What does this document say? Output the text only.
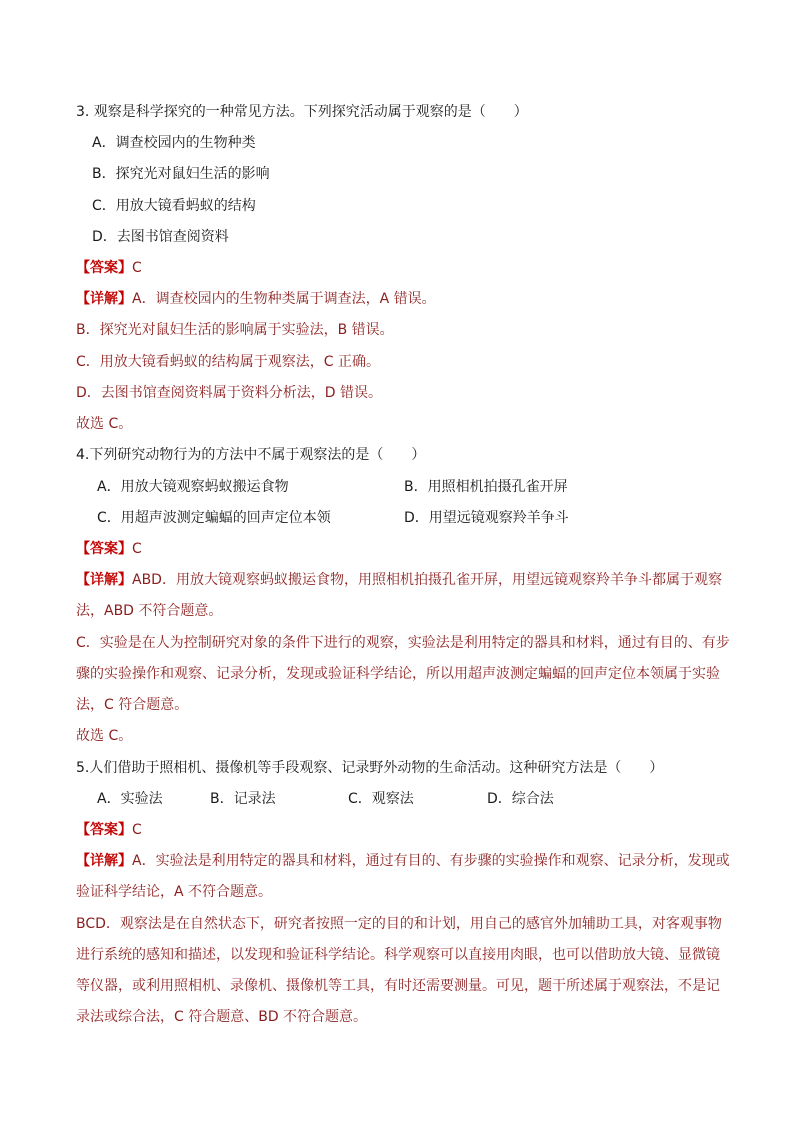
3. 观察是科学探究的一种常见方法。下列探究活动属于观察的是（　　）
A．调查校园内的生物种类
B．探究光对鼠妇生活的影响
C．用放大镜看蚂蚁的结构
D．去图书馆查阅资料
【答案】C
【详解】A．调查校园内的生物种类属于调查法，A 错误。
B．探究光对鼠妇生活的影响属于实验法，B 错误。
C．用放大镜看蚂蚁的结构属于观察法，C 正确。
D．去图书馆查阅资料属于资料分析法，D 错误。
故选 C。
4.下列研究动物行为的方法中不属于观察法的是（　　）
A．用放大镜观察蚂蚁搬运食物	B．用照相机拍摄孔雀开屏
C．用超声波测定蝙蝠的回声定位本领	D．用望远镜观察羚羊争斗
【答案】C
【详解】ABD．用放大镜观察蚂蚁搬运食物，用照相机拍摄孔雀开屏，用望远镜观察羚羊争斗都属于观察
法，ABD 不符合题意。
C．实验是在人为控制研究对象的条件下进行的观察，实验法是利用特定的器具和材料，通过有目的、有步
骤的实验操作和观察、记录分析，发现或验证科学结论，所以用超声波测定蝙蝠的回声定位本领属于实验
法，C 符合题意。
故选 C。
5.人们借助于照相机、摄像机等手段观察、记录野外动物的生命活动。这种研究方法是（　　）
A．实验法	B．记录法	C．观察法	D．综合法
【答案】C
【详解】A．实验法是利用特定的器具和材料，通过有目的、有步骤的实验操作和观察、记录分析，发现或
验证科学结论，A 不符合题意。
BCD．观察法是在自然状态下，研究者按照一定的目的和计划，用自己的感官外加辅助工具，对客观事物
进行系统的感知和描述，以发现和验证科学结论。科学观察可以直接用肉眼，也可以借助放大镜、显微镜
等仪器，或利用照相机、录像机、摄像机等工具，有时还需要测量。可见，题干所述属于观察法，不是记
录法或综合法，C 符合题意、BD 不符合题意。
